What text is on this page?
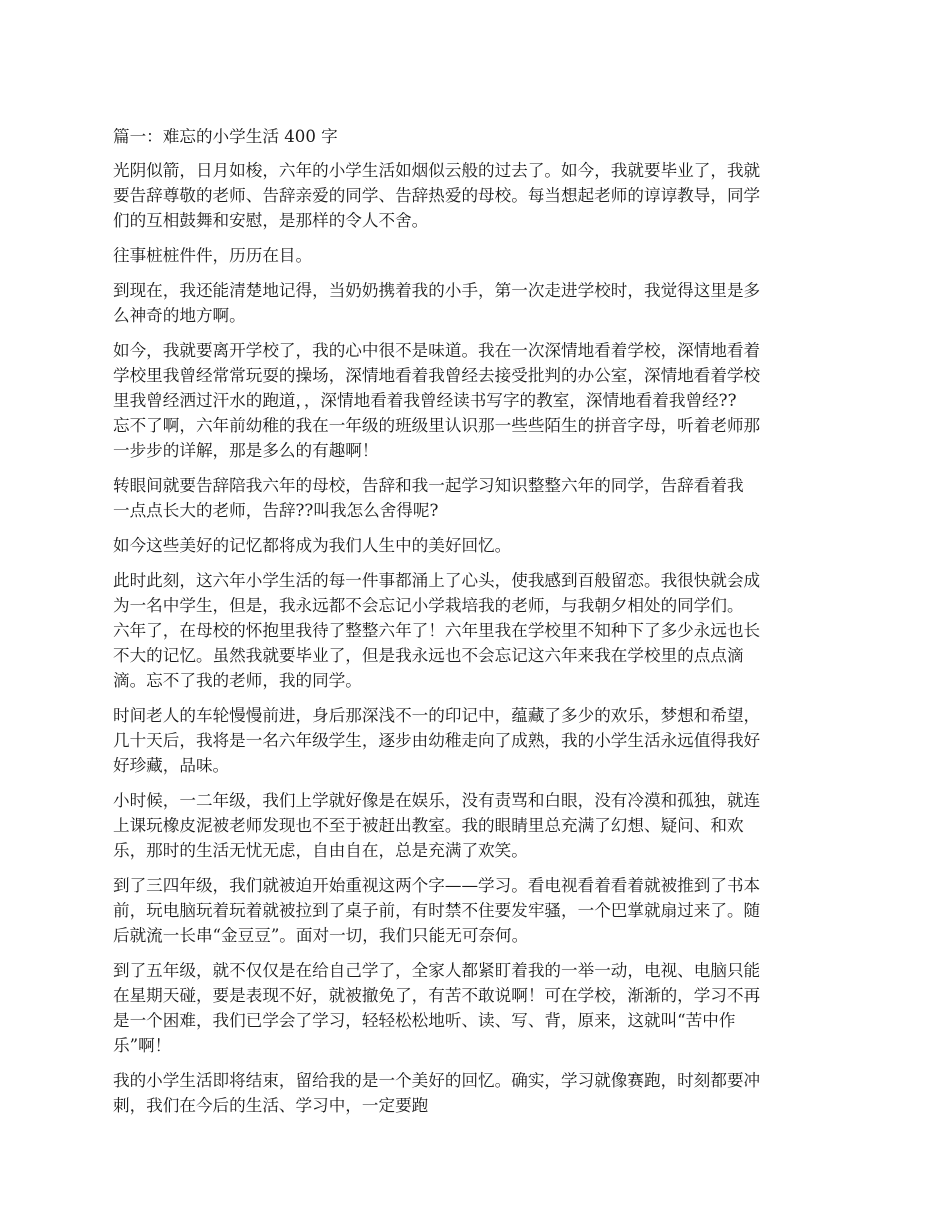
篇一：难忘的小学生活 400 字
光阴似箭，日月如梭，六年的小学生活如烟似云般的过去了。如今，我就要毕业了，我就
要告辞尊敬的老师、告辞亲爱的同学、告辞热爱的母校。每当想起老师的谆谆教导，同学
们的互相鼓舞和安慰，是那样的令人不舍。
往事桩桩件件，历历在目。
到现在，我还能清楚地记得，当奶奶携着我的小手，第一次走进学校时，我觉得这里是多
么神奇的地方啊。
如今，我就要离开学校了，我的心中很不是味道。我在一次深情地看着学校，深情地看着
学校里我曾经常常玩耍的操场，深情地看着我曾经去接受批判的办公室，深情地看着学校
里我曾经洒过汗水的跑道，，深情地看着我曾经读书写字的教室，深情地看着我曾经??
忘不了啊，六年前幼稚的我在一年级的班级里认识那一些些陌生的拼音字母，听着老师那
一步步的详解，那是多么的有趣啊！
转眼间就要告辞陪我六年的母校，告辞和我一起学习知识整整六年的同学，告辞看着我
一点点长大的老师，告辞??叫我怎么舍得呢?
如今这些美好的记忆都将成为我们人生中的美好回忆。
此时此刻，这六年小学生活的每一件事都涌上了心头，使我感到百般留恋。我很快就会成
为一名中学生，但是，我永远都不会忘记小学栽培我的老师，与我朝夕相处的同学们。
六年了，在母校的怀抱里我待了整整六年了！六年里我在学校里不知种下了多少永远也长
不大的记忆。虽然我就要毕业了，但是我永远也不会忘记这六年来我在学校里的点点滴
滴。忘不了我的老师，我的同学。
时间老人的车轮慢慢前进，身后那深浅不一的印记中，蕴藏了多少的欢乐，梦想和希望，
几十天后，我将是一名六年级学生，逐步由幼稚走向了成熟，我的小学生活永远值得我好
好珍藏，品味。
小时候，一二年级，我们上学就好像是在娱乐，没有责骂和白眼，没有冷漠和孤独，就连
上课玩橡皮泥被老师发现也不至于被赶出教室。我的眼睛里总充满了幻想、疑问、和欢
乐，那时的生活无忧无虑，自由自在，总是充满了欢笑。
到了三四年级，我们就被迫开始重视这两个字——学习。看电视看着看着就被推到了书本
前，玩电脑玩着玩着就被拉到了桌子前，有时禁不住要发牢骚，一个巴掌就扇过来了。随
后就流一长串“金豆豆”。面对一切，我们只能无可奈何。
到了五年级，就不仅仅是在给自己学了，全家人都紧盯着我的一举一动，电视、电脑只能
在星期天碰，要是表现不好，就被撤免了，有苦不敢说啊！可在学校，渐渐的，学习不再
是一个困难，我们已学会了学习，轻轻松松地听、读、写、背，原来，这就叫“苦中作
乐”啊！
我的小学生活即将结束，留给我的是一个美好的回忆。确实，学习就像赛跑，时刻都要冲
刺，我们在今后的生活、学习中，一定要跑
